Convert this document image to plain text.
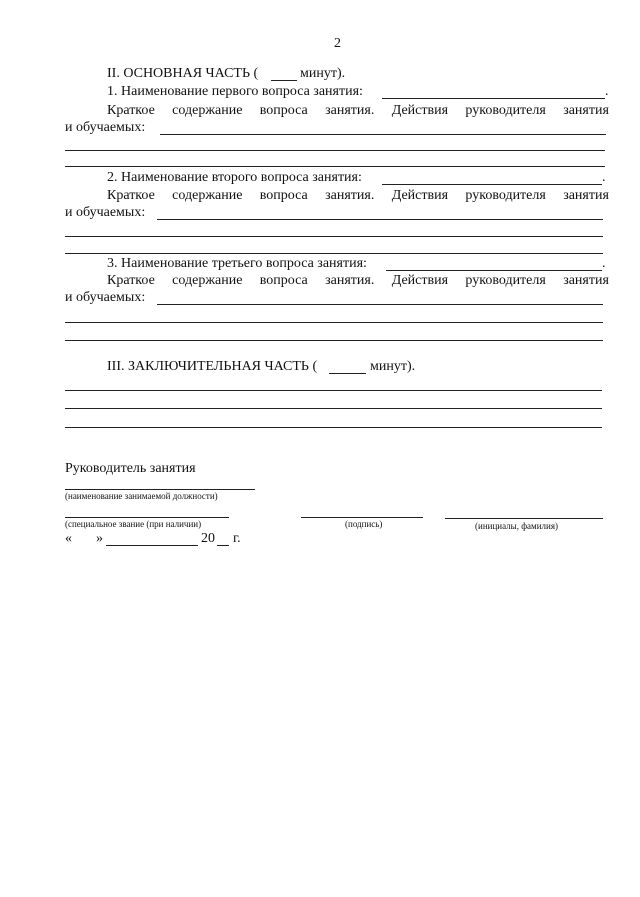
2
II. ОСНОВНАЯ ЧАСТЬ (	минут).
1. Наименование первого вопроса занятия:	.
Краткое содержание вопроса занятия. Действия руководителя занятия
и обучаемых:
2. Наименование второго вопроса занятия:	.
Краткое содержание вопроса занятия. Действия руководителя занятия
и обучаемых:
3. Наименование третьего вопроса занятия:	.
Краткое содержание вопроса занятия. Действия руководителя занятия
и обучаемых:
III. ЗАКЛЮЧИТЕЛЬНАЯ ЧАСТЬ (	минут).
Руководитель занятия
(наименование занимаемой должности)
(специальное звание (при наличии)	(подпись)	(инициалы, фамилия)
« »	20 г.
